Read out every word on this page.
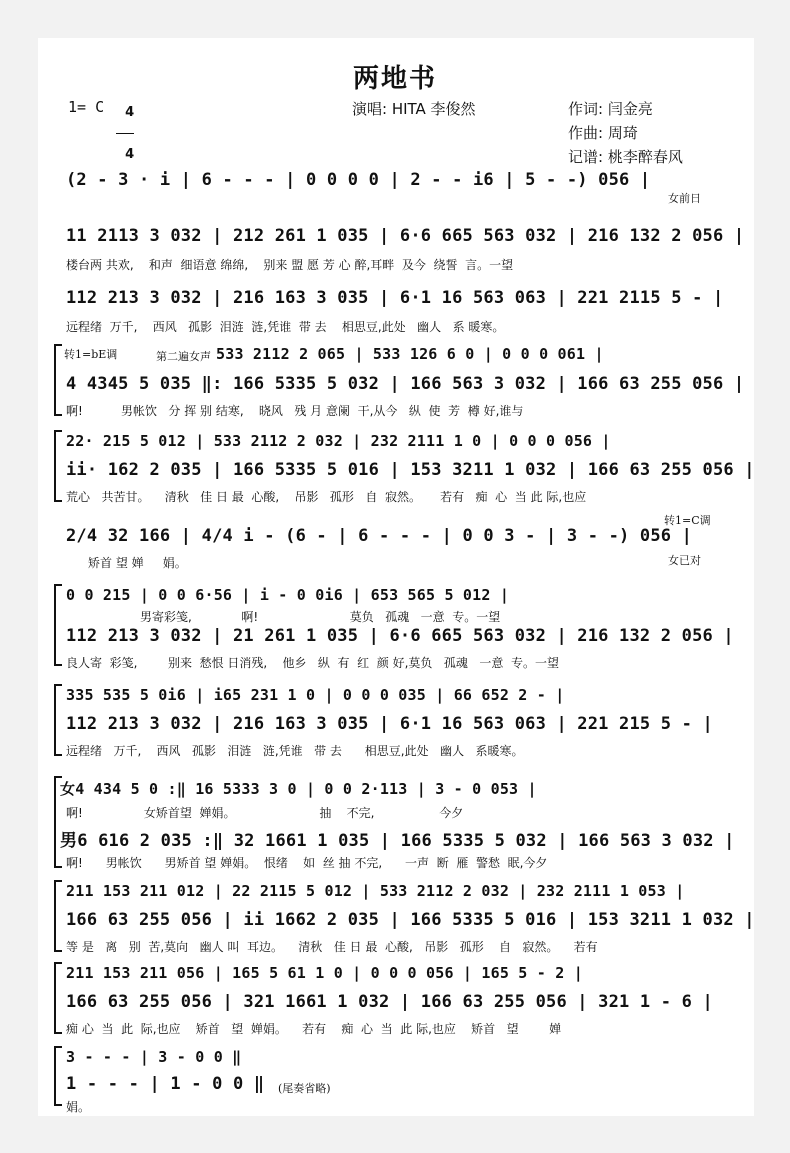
两地书
1= C	4

4

演唱: HITA 李俊然	作词: 闫金亮
作曲: 周琦
记谱: 桃李醉春风
(2 - 3 · i | 6 - - - | 0 0 0 0 | 2 - - i6 | 5 - -) 056 |
女前日
11 2113 3 032 | 212 261 1 035 | 6·6 665 563 032 | 216 132 2 056 |
楼台两 共欢,    和声  细语意 绵绵,    别来 盟 愿 芳 心 醉,耳畔  及今  绕誓  言。一望
112 213 3 032 | 216 163 3 035 | 6·1 16 563 063 | 221 2115 5 - |
远程绪  万千,    西风   孤影  泪涟  涟,凭谁  带 去    相思豆,此处   幽人   系 暖寒。
转1=bE调	第二遍女声 533 2112 2 065 | 533 126 6 0 | 0 0 0 061 |
4 4345 5 035 ‖: 166 5335 5 032 | 166 563 3 032 | 166 63 255 056 |
啊!          男帐饮   分 挥 别 结寒,    晓风   残 月 意阑  干,从今   纵  使  芳  樽 好,谁与
22· 215 5 012 | 533 2112 2 032 | 232 2111 1 0 | 0 0 0 056 |
ii· 162 2 035 | 166 5335 5 016 | 153 3211 1 032 | 166 63 255 056 |
荒心   共苦甘。    清秋   佳 日 最  心酸,    吊影   孤形   自  寂然。     若有   痴  心  当 此 际,也应
2/4 32 166 | 4/4 i - (6 - | 6 - - - | 0 0 3 - | 3 - -) 056 |
转1=C调
矫首 望 婵     娟。	女已对
0 0 215 | 0 0 6·56 | i - 0 0i6 | 653 565 5 012 |
男寄彩笺,             啊!                        莫负   孤魂   一意  专。一望
112 213 3 032 | 21 261 1 035 | 6·6 665 563 032 | 216 132 2 056 |
良人寄  彩笺,        别来  愁恨 日消残,    他乡   纵  有  红  颜 好,莫负   孤魂   一意  专。一望
335 535 5 0i6 | i65 231 1 0 | 0 0 0 035 | 66 652 2 - |
112 213 3 032 | 216 163 3 035 | 6·1 16 563 063 | 221 215 5 - |
远程绪   万千,    西风   孤影   泪涟   涟,凭谁   带 去      相思豆,此处   幽人   系暖寒。
女4 434 5 0 :‖ 16 5333 3 0 | 0 0 2·113 | 3 - 0 053 |
啊!                女矫首望  婵娟。                      抽    不完,                 今夕
男6 616 2 035 :‖ 32 1661 1 035 | 166 5335 5 032 | 166 563 3 032 |
啊!      男帐饮      男矫首 望 婵娟。  恨绪    如  丝 抽 不完,      一声  断  雁  警愁  眠,今夕
211 153 211 012 | 22 2115 5 012 | 533 2112 2 032 | 232 2111 1 053 |
166 63 255 056 | ii 1662 2 035 | 166 5335 5 016 | 153 3211 1 032 |
等 是   离   别  苦,莫向   幽人 叫  耳边。    清秋   佳 日 最  心酸,   吊影   孤形    自   寂然。    若有
211 153 211 056 | 165 5 61 1 0 | 0 0 0 056 | 165 5 - 2 |
166 63 255 056 | 321 1661 1 032 | 166 63 255 056 | 321 1 - 6 |
痴 心  当  此  际,也应    矫首   望  婵娟。    若有    痴  心  当  此 际,也应    矫首   望        婵
3 - - - | 3 - 0 0 ‖
1 - - - | 1 - 0 0 ‖ (尾奏省略)
娟。
